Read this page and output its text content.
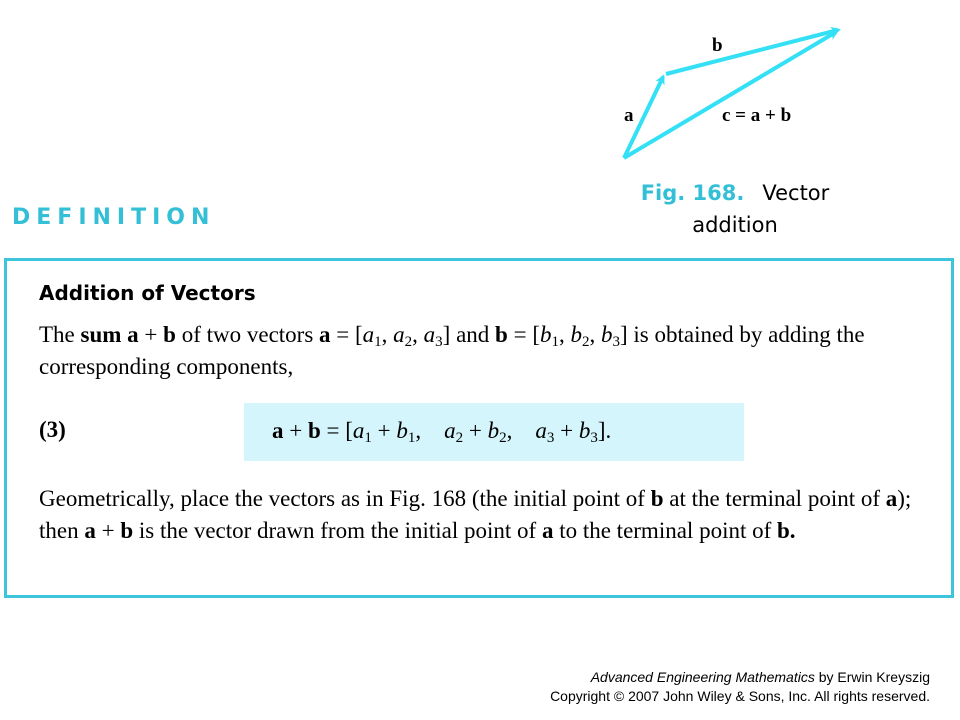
a
b
c = a + b
Fig. 168. Vector addition
DEFINITION
Addition of Vectors
The sum a + b of two vectors $a = [a_1$, $a_2$, $a_3$] and $b = [b_1$, $b_2$, $b_3$] is obtained by adding the corresponding components,
(3)	$a + b = [a_1 + b_1$,    $a_2 + b_2$,    $a_3 + b_3$].
Geometrically, place the vectors as in Fig. 168 (the initial point of b at the terminal point of a); then a + b is the vector drawn from the initial point of a to the terminal point of b.
Advanced Engineering Mathematics by Erwin Kreyszig
Copyright © 2007 John Wiley & Sons, Inc. All rights reserved.
